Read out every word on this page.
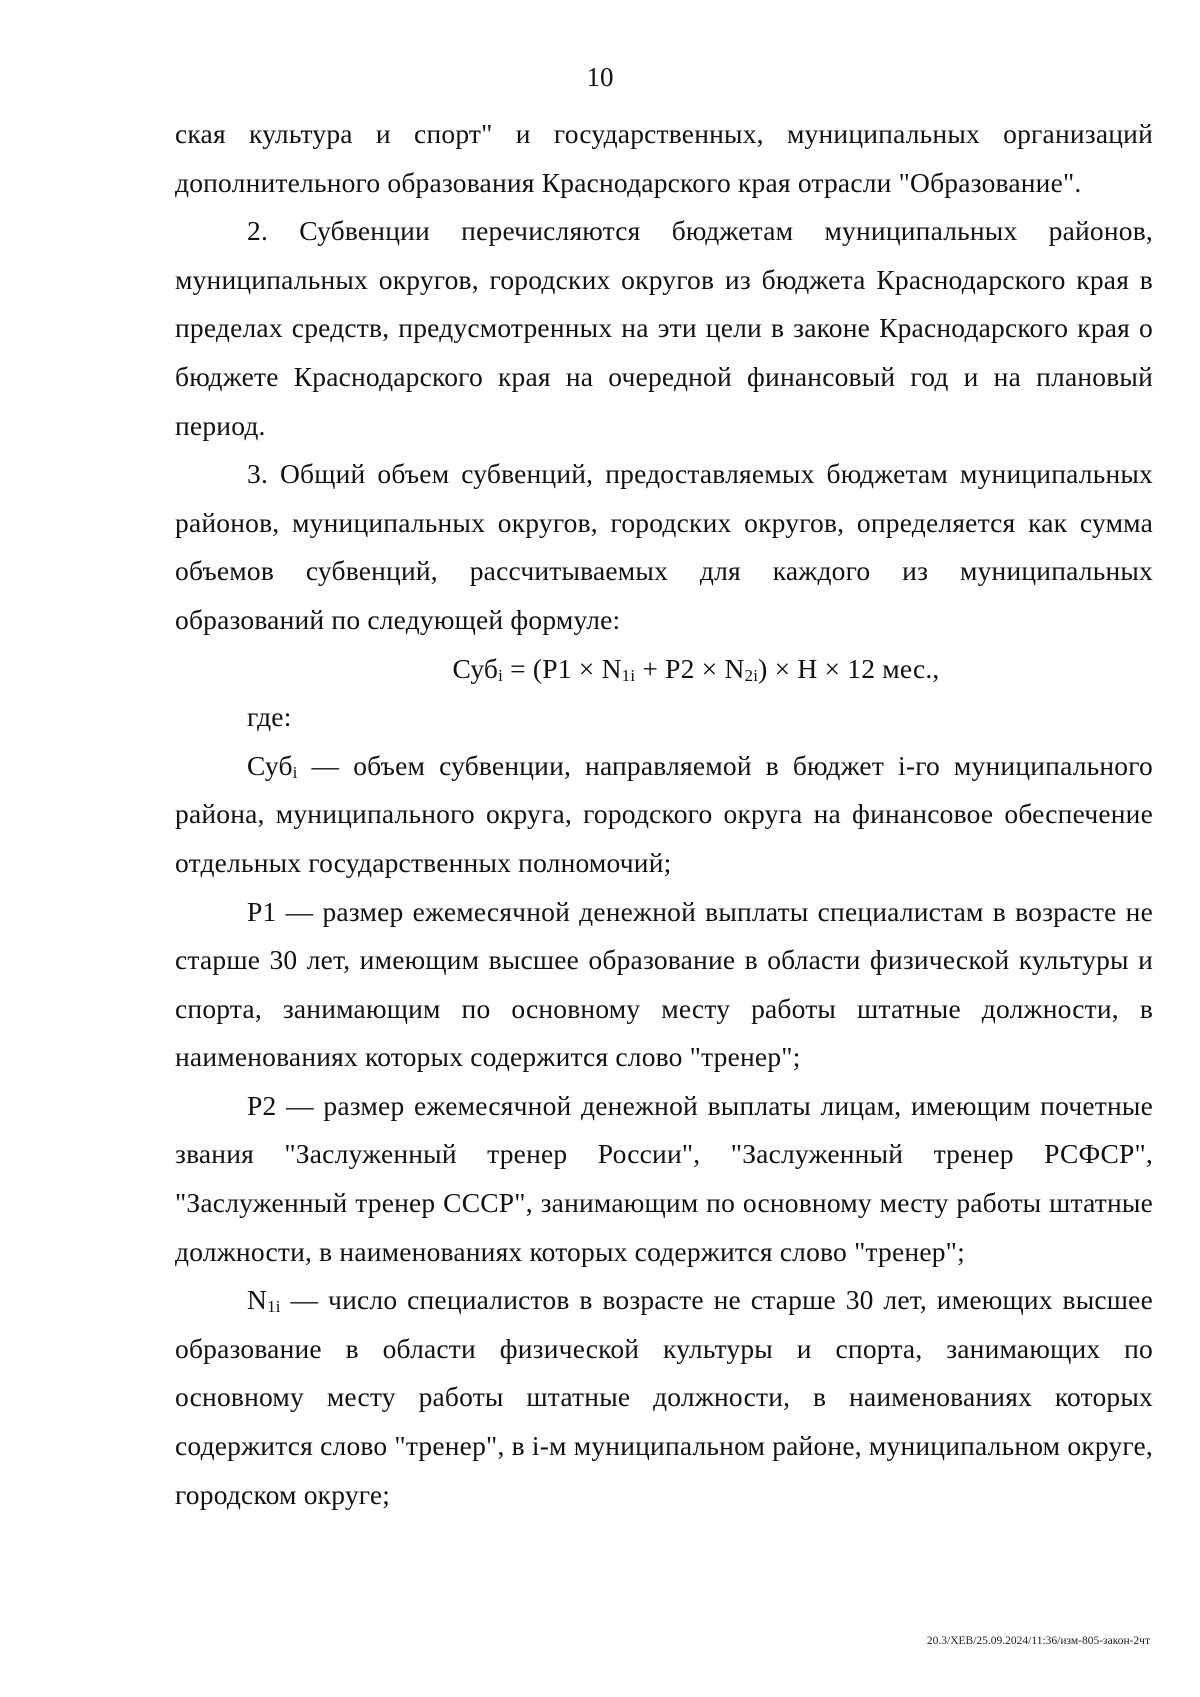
10

ская культура и спорт" и государственных, муниципальных организаций дополнительного образования Краснодарского края отрасли "Образование".

2. Субвенции перечисляются бюджетам муниципальных районов, муниципальных округов, городских округов из бюджета Краснодарского края в пределах средств, предусмотренных на эти цели в законе Краснодарского края о бюджете Краснодарского края на очередной финансовый год и на плановый период.

3. Общий объем субвенций, предоставляемых бюджетам муниципальных районов, муниципальных округов, городских округов, определяется как сумма объемов субвенций, рассчитываемых для каждого из муниципальных образований по следующей формуле:

$Суб_i = (Р1 \times N_{1i} + Р2 \times N_{2i}) \times Н \times 12$ мес.,

где:

Суб$_i$ — объем субвенции, направляемой в бюджет i-го муниципального района, муниципального округа, городского округа на финансовое обеспечение отдельных государственных полномочий;

Р1 — размер ежемесячной денежной выплаты специалистам в возрасте не старше 30 лет, имеющим высшее образование в области физической культуры и спорта, занимающим по основному месту работы штатные должности, в наименованиях которых содержится слово "тренер";

Р2 — размер ежемесячной денежной выплаты лицам, имеющим почетные звания "Заслуженный тренер России", "Заслуженный тренер РСФСР", "Заслуженный тренер СССР", занимающим по основному месту работы штатные должности, в наименованиях которых содержится слово "тренер";

$N_{1i}$ — число специалистов в возрасте не старше 30 лет, имеющих высшее образование в области физической культуры и спорта, занимающих по основному месту работы штатные должности, в наименованиях которых содержится слово "тренер", в i-м муниципальном районе, муниципальном округе, городском округе;

20.3/ХЕВ/25.09.2024/11:36/изм-805-закон-2чт
